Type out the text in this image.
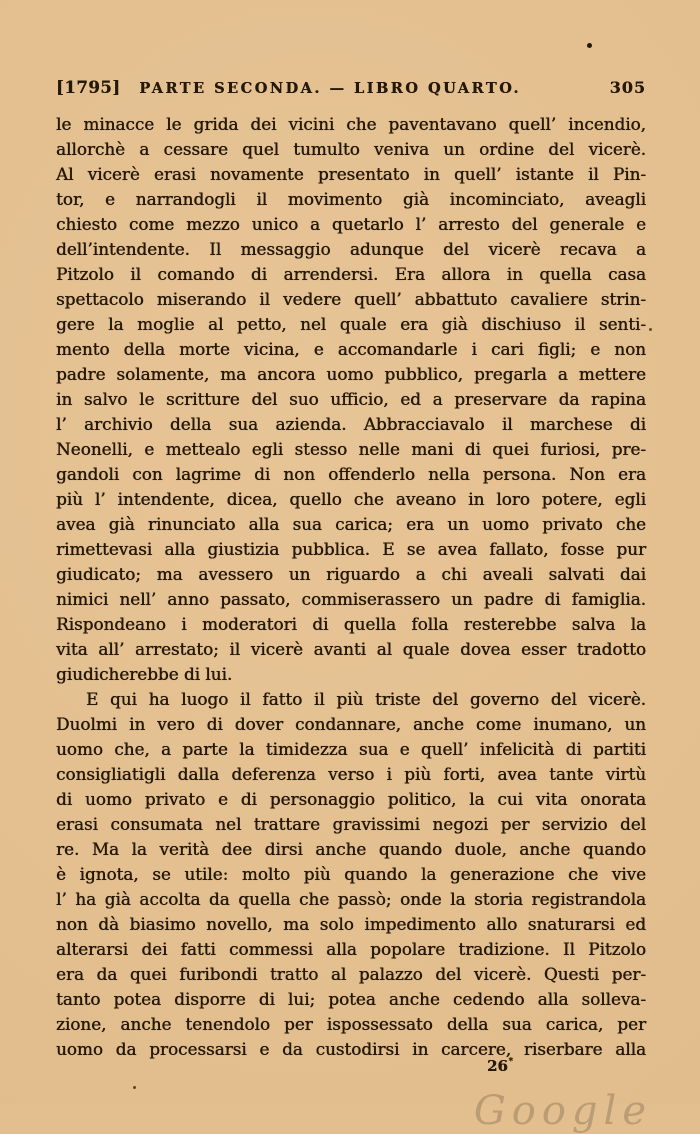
[1795]	PARTE SECONDA. — LIBRO QUARTO.	305
le minacce le grida dei vicini che paventavano quell’ incendio,
allorchè a cessare quel tumulto veniva un ordine del vicerè.
Al vicerè erasi novamente presentato in quell’ istante il Pin-
tor, e narrandogli il movimento già incominciato, aveagli
chiesto come mezzo unico a quetarlo l’ arresto del generale e
dell’intendente. Il messaggio adunque del vicerè recava a
Pitzolo il comando di arrendersi. Era allora in quella casa
spettacolo miserando il vedere quell’ abbattuto cavaliere strin-
gere la moglie al petto, nel quale era già dischiuso il senti-
mento della morte vicina, e accomandarle i cari figli; e non
padre solamente, ma ancora uomo pubblico, pregarla a mettere
in salvo le scritture del suo ufficio, ed a preservare da rapina
l’ archivio della sua azienda. Abbracciavalo il marchese di
Neonelli, e mettealo egli stesso nelle mani di quei furiosi, pre-
gandoli con lagrime di non offenderlo nella persona. Non era
più l’ intendente, dicea, quello che aveano in loro potere, egli
avea già rinunciato alla sua carica; era un uomo privato che
rimettevasi alla giustizia pubblica. E se avea fallato, fosse pur
giudicato; ma avessero un riguardo a chi aveali salvati dai
nimici nell’ anno passato, commiserassero un padre di famiglia.
Rispondeano i moderatori di quella folla resterebbe salva la
vita all’ arrestato; il vicerè avanti al quale dovea esser tradotto
giudicherebbe di lui.
E qui ha luogo il fatto il più triste del governo del vicerè.
Duolmi in vero di dover condannare, anche come inumano, un
uomo che, a parte la timidezza sua e quell’ infelicità di partiti
consigliatigli dalla deferenza verso i più forti, avea tante virtù
di uomo privato e di personaggio politico, la cui vita onorata
erasi consumata nel trattare gravissimi negozi per servizio del
re. Ma la verità dee dirsi anche quando duole, anche quando
è ignota, se utile: molto più quando la generazione che vive
l’ ha già accolta da quella che passò; onde la storia registrandola
non dà biasimo novello, ma solo impedimento allo snaturarsi ed
alterarsi dei fatti commessi alla popolare tradizione. Il Pitzolo
era da quei furibondi tratto al palazzo del vicerè. Questi per-
tanto potea disporre di lui; potea anche cedendo alla solleva-
zione, anche tenendolo per ispossessato della sua carica, per
uomo da processarsi e da custodirsi in carcere, riserbare alla
26*
Google
